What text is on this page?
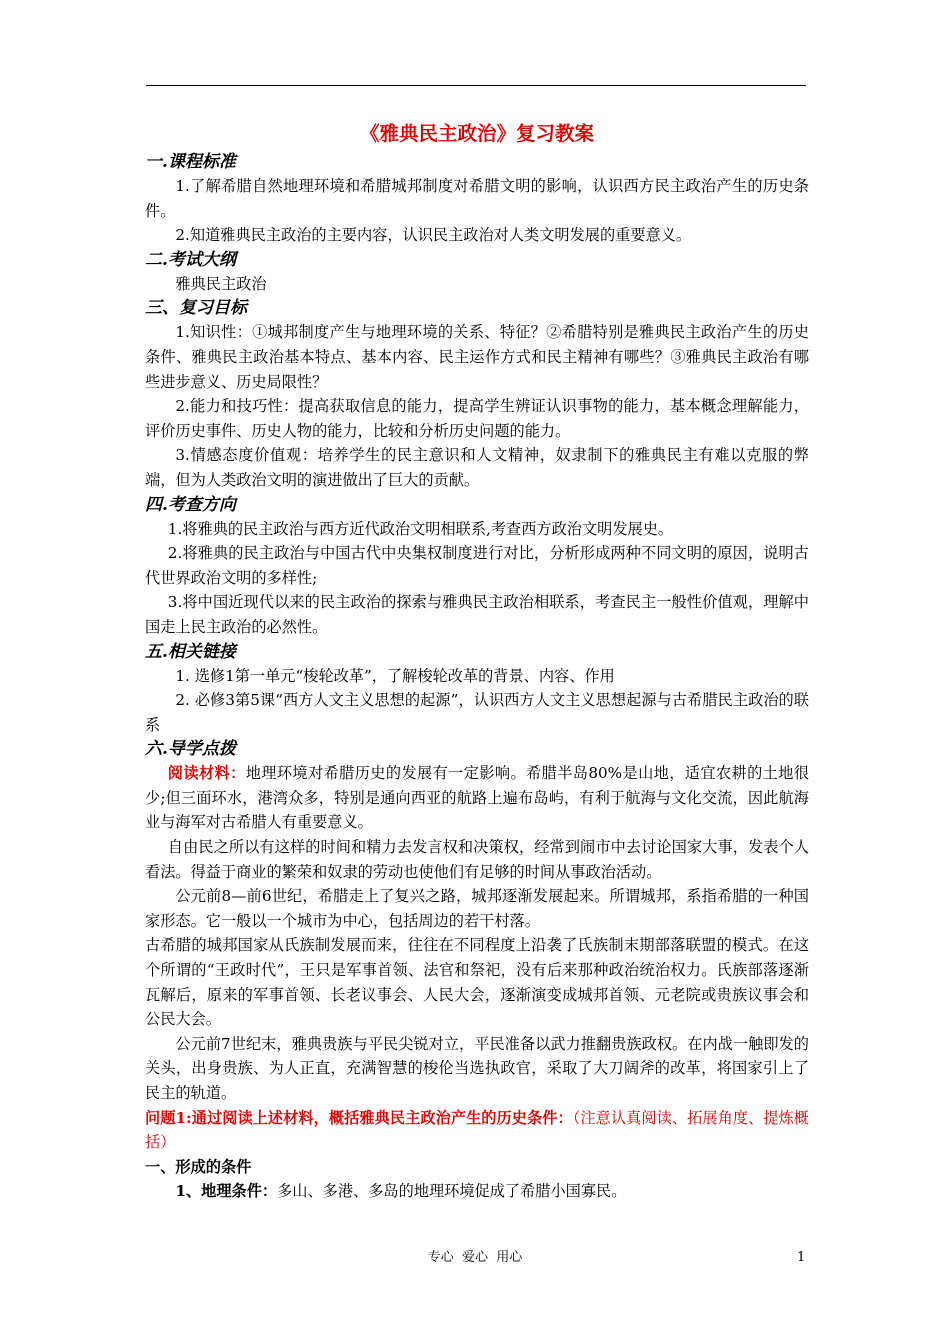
《雅典民主政治》复习教案
一.课程标准
1.了解希腊自然地理环境和希腊城邦制度对希腊文明的影响，认识西方民主政治产生的历史条件。
2.知道雅典民主政治的主要内容，认识民主政治对人类文明发展的重要意义。
二.考试大纲
雅典民主政治
三、复习目标
1.知识性：①城邦制度产生与地理环境的关系、特征？②希腊特别是雅典民主政治产生的历史条件、雅典民主政治基本特点、基本内容、民主运作方式和民主精神有哪些？③雅典民主政治有哪些进步意义、历史局限性？
2.能力和技巧性：提高获取信息的能力，提高学生辨证认识事物的能力，基本概念理解能力，评价历史事件、历史人物的能力，比较和分析历史问题的能力。
3.情感态度价值观：培养学生的民主意识和人文精神，奴隶制下的雅典民主有难以克服的弊端，但为人类政治文明的演进做出了巨大的贡献。
四.考查方向
1.将雅典的民主政治与西方近代政治文明相联系,考查西方政治文明发展史。
2.将雅典的民主政治与中国古代中央集权制度进行对比，分析形成两种不同文明的原因，说明古代世界政治文明的多样性;
3.将中国近现代以来的民主政治的探索与雅典民主政治相联系，考查民主一般性价值观，理解中国走上民主政治的必然性。
五.相关链接
1. 选修1第一单元“梭轮改革”，了解梭轮改革的背景、内容、作用
2. 必修3第5课“西方人文主义思想的起源”，认识西方人文主义思想起源与古希腊民主政治的联系
六.导学点拨
阅读材料：地理环境对希腊历史的发展有一定影响。希腊半岛80%是山地，适宜农耕的土地很少;但三面环水，港湾众多，特别是通向西亚的航路上遍布岛屿，有利于航海与文化交流，因此航海业与海军对古希腊人有重要意义。
自由民之所以有这样的时间和精力去发言权和决策权，经常到闹市中去讨论国家大事，发表个人看法。得益于商业的繁荣和奴隶的劳动也使他们有足够的时间从事政治活动。
公元前8—前6世纪，希腊走上了复兴之路，城邦逐渐发展起来。所谓城邦，系指希腊的一种国家形态。它一般以一个城市为中心，包括周边的若干村落。
古希腊的城邦国家从氏族制发展而来，往往在不同程度上沿袭了氏族制末期部落联盟的模式。在这个所谓的“王政时代”，王只是军事首领、法官和祭祀，没有后来那种政治统治权力。氏族部落逐渐瓦解后，原来的军事首领、长老议事会、人民大会，逐渐演变成城邦首领、元老院或贵族议事会和公民大会。
公元前7世纪末，雅典贵族与平民尖锐对立，平民准备以武力推翻贵族政权。在内战一触即发的关头，出身贵族、为人正直，充满智慧的梭伦当选执政官，采取了大刀阔斧的改革，将国家引上了民主的轨道。
问题1:通过阅读上述材料，概括雅典民主政治产生的历史条件：（注意认真阅读、拓展角度、提炼概括）
一、形成的条件
1、地理条件：多山、多港、多岛的地理环境促成了希腊小国寡民。
专心  爱心  用心	1
